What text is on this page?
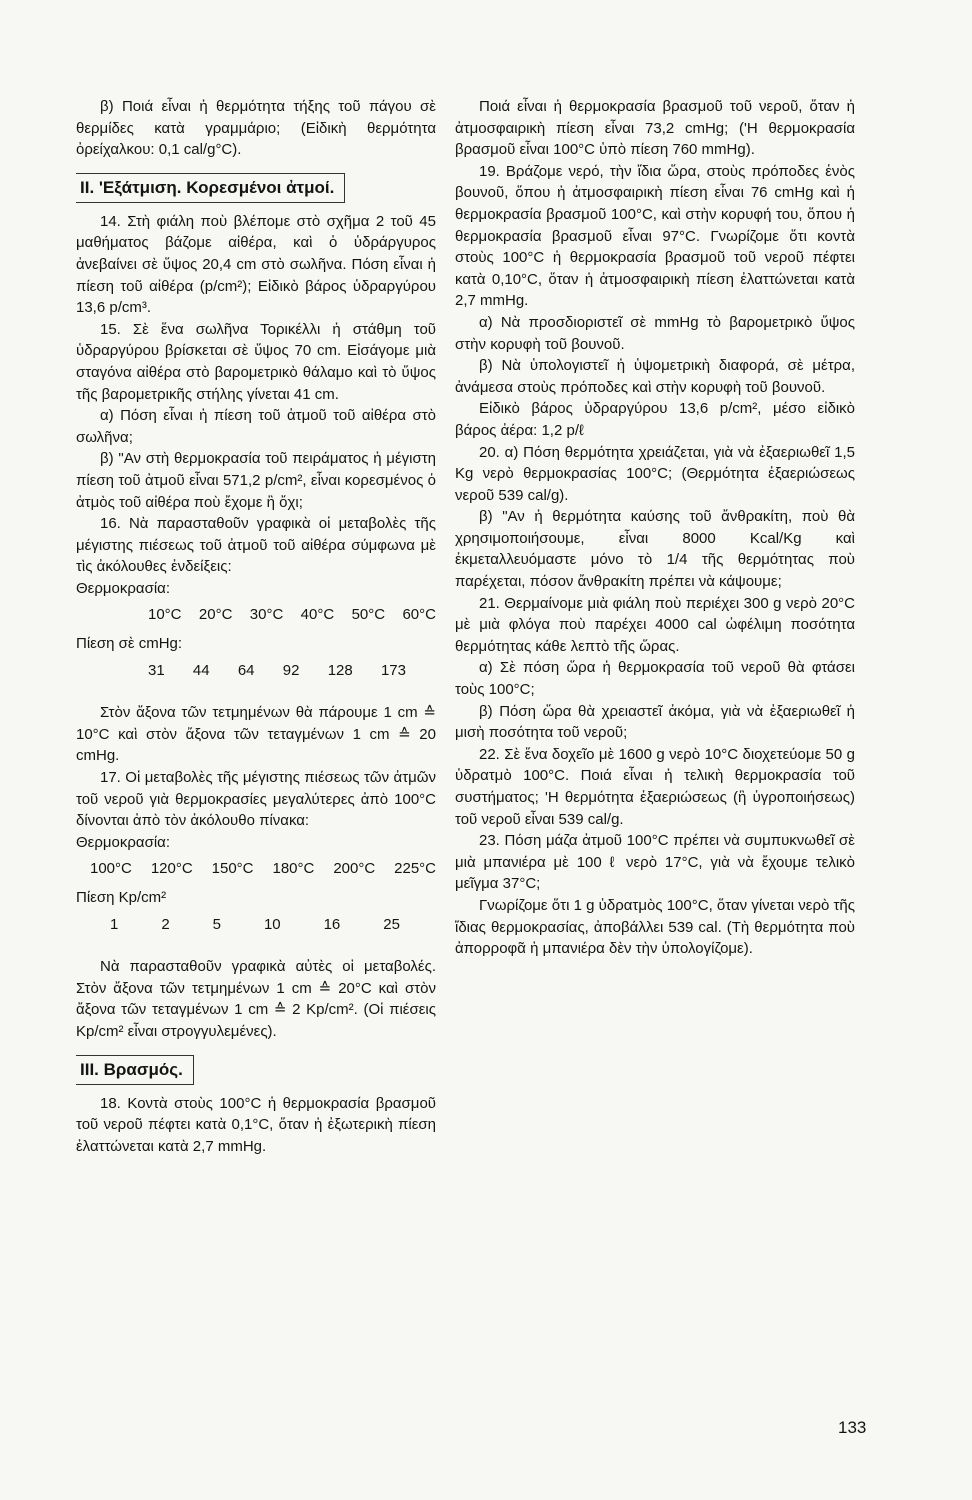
β) Ποιά εἶναι ἡ θερμότητα τήξης τοῦ πάγου σὲ θερμίδες κατὰ γραμμάριο; (Εἰδικὴ θερμότητα ὀρείχαλκου: 0,1 cal/g°C).

II. 'Εξάτμιση. Κορεσμένοι ἀτμοί.

14. Στὴ φιάλη ποὺ βλέπομε στὸ σχῆμα 2 τοῦ 45 μαθήματος βάζομε αἰθέρα, καὶ ὁ ὑδράργυρος ἀνεβαίνει σὲ ὕψος 20,4 cm στὸ σωλῆνα. Πόση εἶναι ἡ πίεση τοῦ αἰθέρα (p/cm²); Εἰδικὸ βάρος ὑδραργύρου 13,6 p/cm³.

15. Σὲ ἕνα σωλῆνα Τορικέλλι ἡ στάθμη τοῦ ὑδραργύρου βρίσκεται σὲ ὕψος 70 cm. Εἰσάγομε μιὰ σταγόνα αἰθέρα στὸ βαρομετρικὸ θάλαμο καὶ τὸ ὕψος τῆς βαρομετρικῆς στήλης γίνεται 41 cm.

α) Πόση εἶναι ἡ πίεση τοῦ ἀτμοῦ τοῦ αἰθέρα στὸ σωλῆνα;

β) "Αν στὴ θερμοκρασία τοῦ πειράματος ἡ μέγιστη πίεση τοῦ ἀτμοῦ εἶναι 571,2 p/cm², εἶναι κορεσμένος ὁ ἀτμὸς τοῦ αἰθέρα ποὺ ἔχομε ἢ ὄχι;

16. Νὰ παρασταθοῦν γραφικὰ οἱ μεταβολὲς τῆς μέγιστης πιέσεως τοῦ ἀτμοῦ τοῦ αἰθέρα σύμφωνα μὲ τὶς ἀκόλουθες ἐνδείξεις:

Θερμοκρασία:

10°C 20°C 30°C 40°C 50°C 60°C

Πίεση σὲ cmHg:

31 44 64 92 128 173

Στὸν ἄξονα τῶν τετμημένων θὰ πάρουμε 1 cm ≙ 10°C καὶ στὸν ἄξονα τῶν τεταγμένων 1 cm ≙ 20 cmHg.

17. Οἱ μεταβολὲς τῆς μέγιστης πιέσεως τῶν ἀτμῶν τοῦ νεροῦ γιὰ θερμοκρασίες μεγαλύτερες ἀπὸ 100°C δίνονται ἀπὸ τὸν ἀκόλουθο πίνακα:

Θερμοκρασία:

100°C 120°C 150°C 180°C 200°C 225°C

Πίεση Kp/cm²

1	2	5	10	16	25

Νὰ παρασταθοῦν γραφικὰ αὐτὲς οἱ μεταβολές. Στὸν ἄξονα τῶν τετμημένων 1 cm ≙ 20°C καὶ στὸν ἄξονα τῶν τεταγμένων 1 cm ≙ 2 Kp/cm². (Οἱ πιέσεις Kp/cm² εἶναι στρογγυλεμένες).

III. Βρασμός.

18. Κοντὰ στοὺς 100°C ἡ θερμοκρασία βρασμοῦ τοῦ νεροῦ πέφτει κατὰ 0,1°C, ὅταν ἡ ἐξωτερικὴ πίεση ἐλαττώνεται κατὰ 2,7 mmHg.

Ποιά εἶναι ἡ θερμοκρασία βρασμοῦ τοῦ νεροῦ, ὅταν ἡ ἀτμοσφαιρικὴ πίεση εἶναι 73,2 cmHg; ('Η θερμοκρασία βρασμοῦ εἶναι 100°C ὑπὸ πίεση 760 mmHg).

19. Βράζομε νερό, τὴν ἴδια ὥρα, στοὺς πρόποδες ἑνὸς βουνοῦ, ὅπου ἡ ἀτμοσφαιρικὴ πίεση εἶναι 76 cmHg καὶ ἡ θερμοκρασία βρασμοῦ 100°C, καὶ στὴν κορυφή του, ὅπου ἡ θερμοκρασία βρασμοῦ εἶναι 97°C. Γνωρίζομε ὅτι κοντὰ στοὺς 100°C ἡ θερμοκρασία βρασμοῦ τοῦ νεροῦ πέφτει κατὰ 0,10°C, ὅταν ἡ ἀτμοσφαιρικὴ πίεση ἐλαττώνεται κατὰ 2,7 mmHg.

α) Νὰ προσδιοριστεῖ σὲ mmHg τὸ βαρομετρικὸ ὕψος στὴν κορυφὴ τοῦ βουνοῦ.

β) Νὰ ὑπολογιστεῖ ἡ ὑψομετρικὴ διαφορά, σὲ μέτρα, ἀνάμεσα στοὺς πρόποδες καὶ στὴν κορυφὴ τοῦ βουνοῦ.

Εἰδικὸ βάρος ὑδραργύρου 13,6 p/cm², μέσο εἰδικὸ βάρος ἀέρα: 1,2 p/ℓ

20. α) Πόση θερμότητα χρειάζεται, γιὰ νὰ ἐξαεριωθεῖ 1,5 Kg νερὸ θερμοκρασίας 100°C; (Θερμότητα ἐξαεριώσεως νεροῦ 539 cal/g).

β) "Αν ἡ θερμότητα καύσης τοῦ ἄνθρακίτη, ποὺ θὰ χρησιμοποιήσουμε, εἶναι 8000 Kcal/Kg καὶ ἐκμεταλλευόμαστε μόνο τὸ 1/4 τῆς θερμότητας ποὺ παρέχεται, πόσον ἄνθρακίτη πρέπει νὰ κάψουμε;

21. Θερμαίνομε μιὰ φιάλη ποὺ περιέχει 300 g νερὸ 20°C μὲ μιὰ φλόγα ποὺ παρέχει 4000 cal ὠφέλιμη ποσότητα θερμότητας κάθε λεπτὸ τῆς ὥρας.

α) Σὲ πόση ὥρα ἡ θερμοκρασία τοῦ νεροῦ θὰ φτάσει τοὺς 100°C;

β) Πόση ὥρα θὰ χρειαστεῖ ἀκόμα, γιὰ νὰ ἐξαεριωθεῖ ἡ μισὴ ποσότητα τοῦ νεροῦ;

22. Σὲ ἕνα δοχεῖο μὲ 1600 g νερὸ 10°C διοχετεύομε 50 g ὑδρατμὸ 100°C. Ποιά εἶναι ἡ τελικὴ θερμοκρασία τοῦ συστήματος; 'Η θερμότητα ἐξαεριώσεως (ἢ ὑγροποιήσεως) τοῦ νεροῦ εἶναι 539 cal/g.

23. Πόση μάζα ἀτμοῦ 100°C πρέπει νὰ συμπυκνωθεῖ σὲ μιὰ μπανιέρα μὲ 100 ℓ νερὸ 17°C, γιὰ νὰ ἔχουμε τελικὸ μεῖγμα 37°C;

Γνωρίζομε ὅτι 1 g ὑδρατμὸς 100°C, ὅταν γίνεται νερὸ τῆς ἴδιας θερμοκρασίας, ἀποβάλλει 539 cal. (Τὴ θερμότητα ποὺ ἀπορροφᾶ ἡ μπανιέρα δὲν τὴν ὑπολογίζομε).

133
